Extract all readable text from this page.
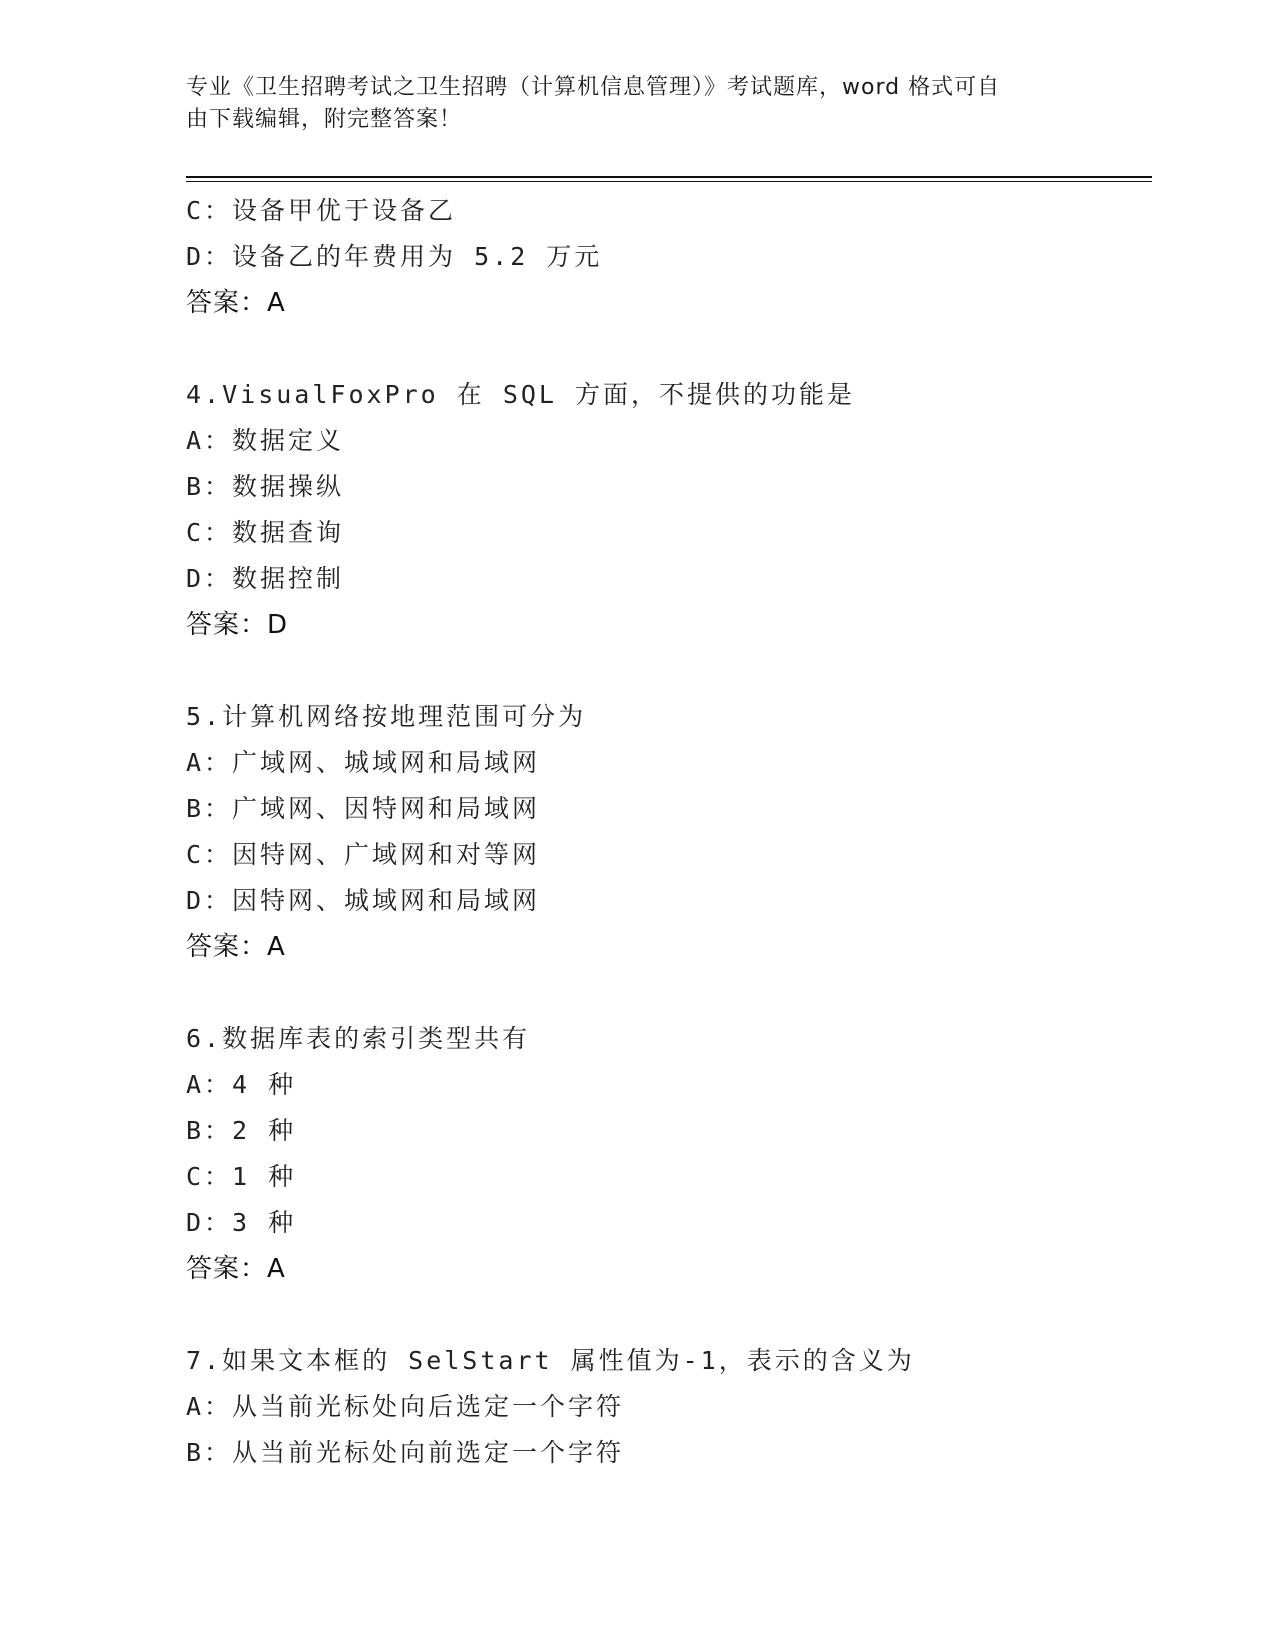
专业《卫生招聘考试之卫生招聘（计算机信息管理）》考试题库，word 格式可自
由下载编辑，附完整答案！
C：设备甲优于设备乙
D：设备乙的年费用为 5.2 万元
答案：A
4.VisualFoxPro 在 SQL 方面，不提供的功能是
A：数据定义
B：数据操纵
C：数据查询
D：数据控制
答案：D
5.计算机网络按地理范围可分为
A：广域网、城域网和局域网
B：广域网、因特网和局域网
C：因特网、广域网和对等网
D：因特网、城域网和局域网
答案：A
6.数据库表的索引类型共有
A：4 种
B：2 种
C：1 种
D：3 种
答案：A
7.如果文本框的 SelStart 属性值为-1，表示的含义为
A：从当前光标处向后选定一个字符
B：从当前光标处向前选定一个字符
